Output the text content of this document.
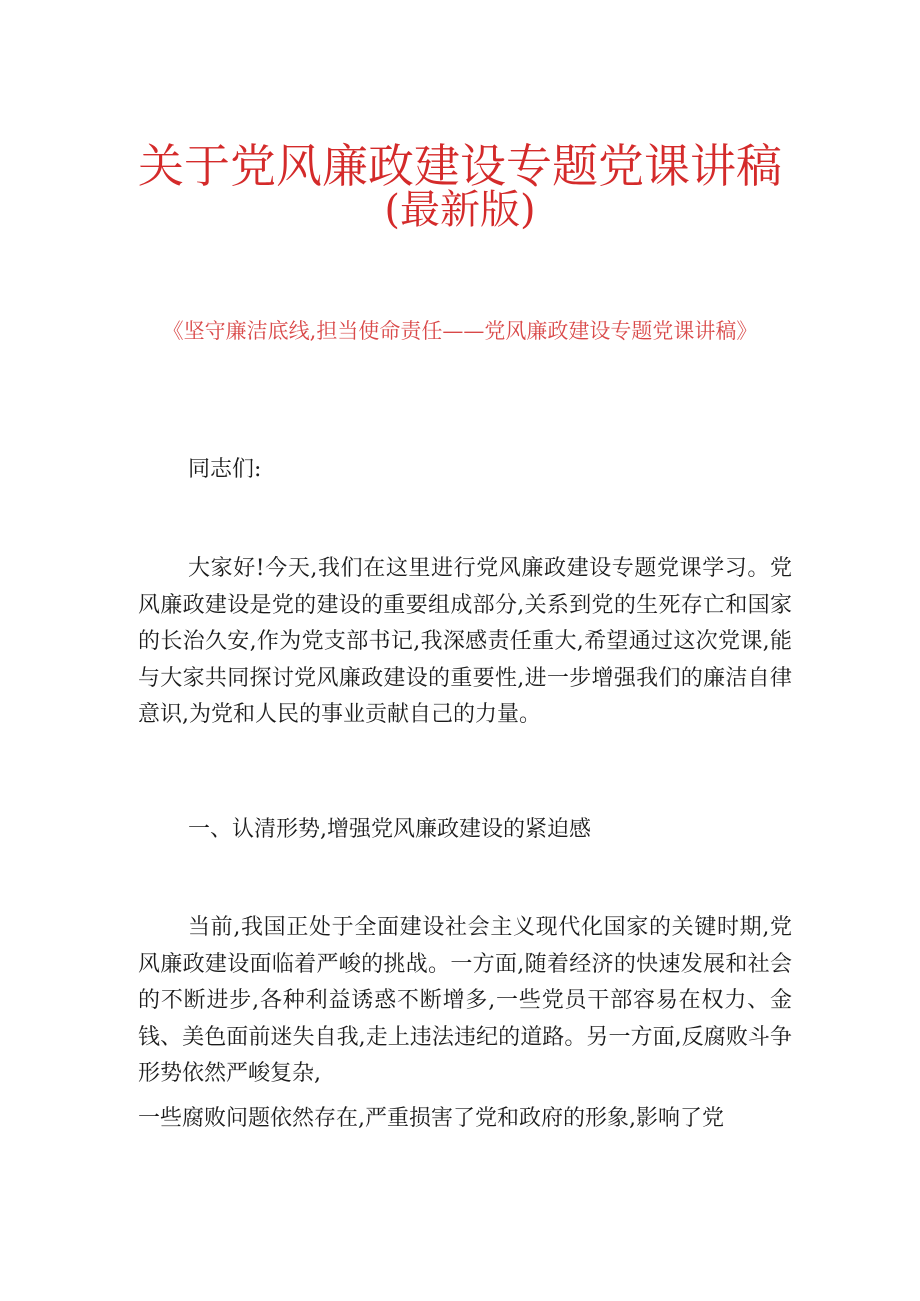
关于党风廉政建设专题党课讲稿
(最新版)

《坚守廉洁底线,担当使命责任——党风廉政建设专题党课讲稿》

同志们:

大家好!今天,我们在这里进行党风廉政建设专题党课学习。党风廉政建设是党的建设的重要组成部分,关系到党的生死存亡和国家的长治久安,作为党支部书记,我深感责任重大,希望通过这次党课,能与大家共同探讨党风廉政建设的重要性,进一步增强我们的廉洁自律意识,为党和人民的事业贡献自己的力量。

一、认清形势,增强党风廉政建设的紧迫感

当前,我国正处于全面建设社会主义现代化国家的关键时期,党风廉政建设面临着严峻的挑战。一方面,随着经济的快速发展和社会的不断进步,各种利益诱惑不断增多,一些党员干部容易在权力、金钱、美色面前迷失自我,走上违法违纪的道路。另一方面,反腐败斗争形势依然严峻复杂,

一些腐败问题依然存在,严重损害了党和政府的形象,影响了党
